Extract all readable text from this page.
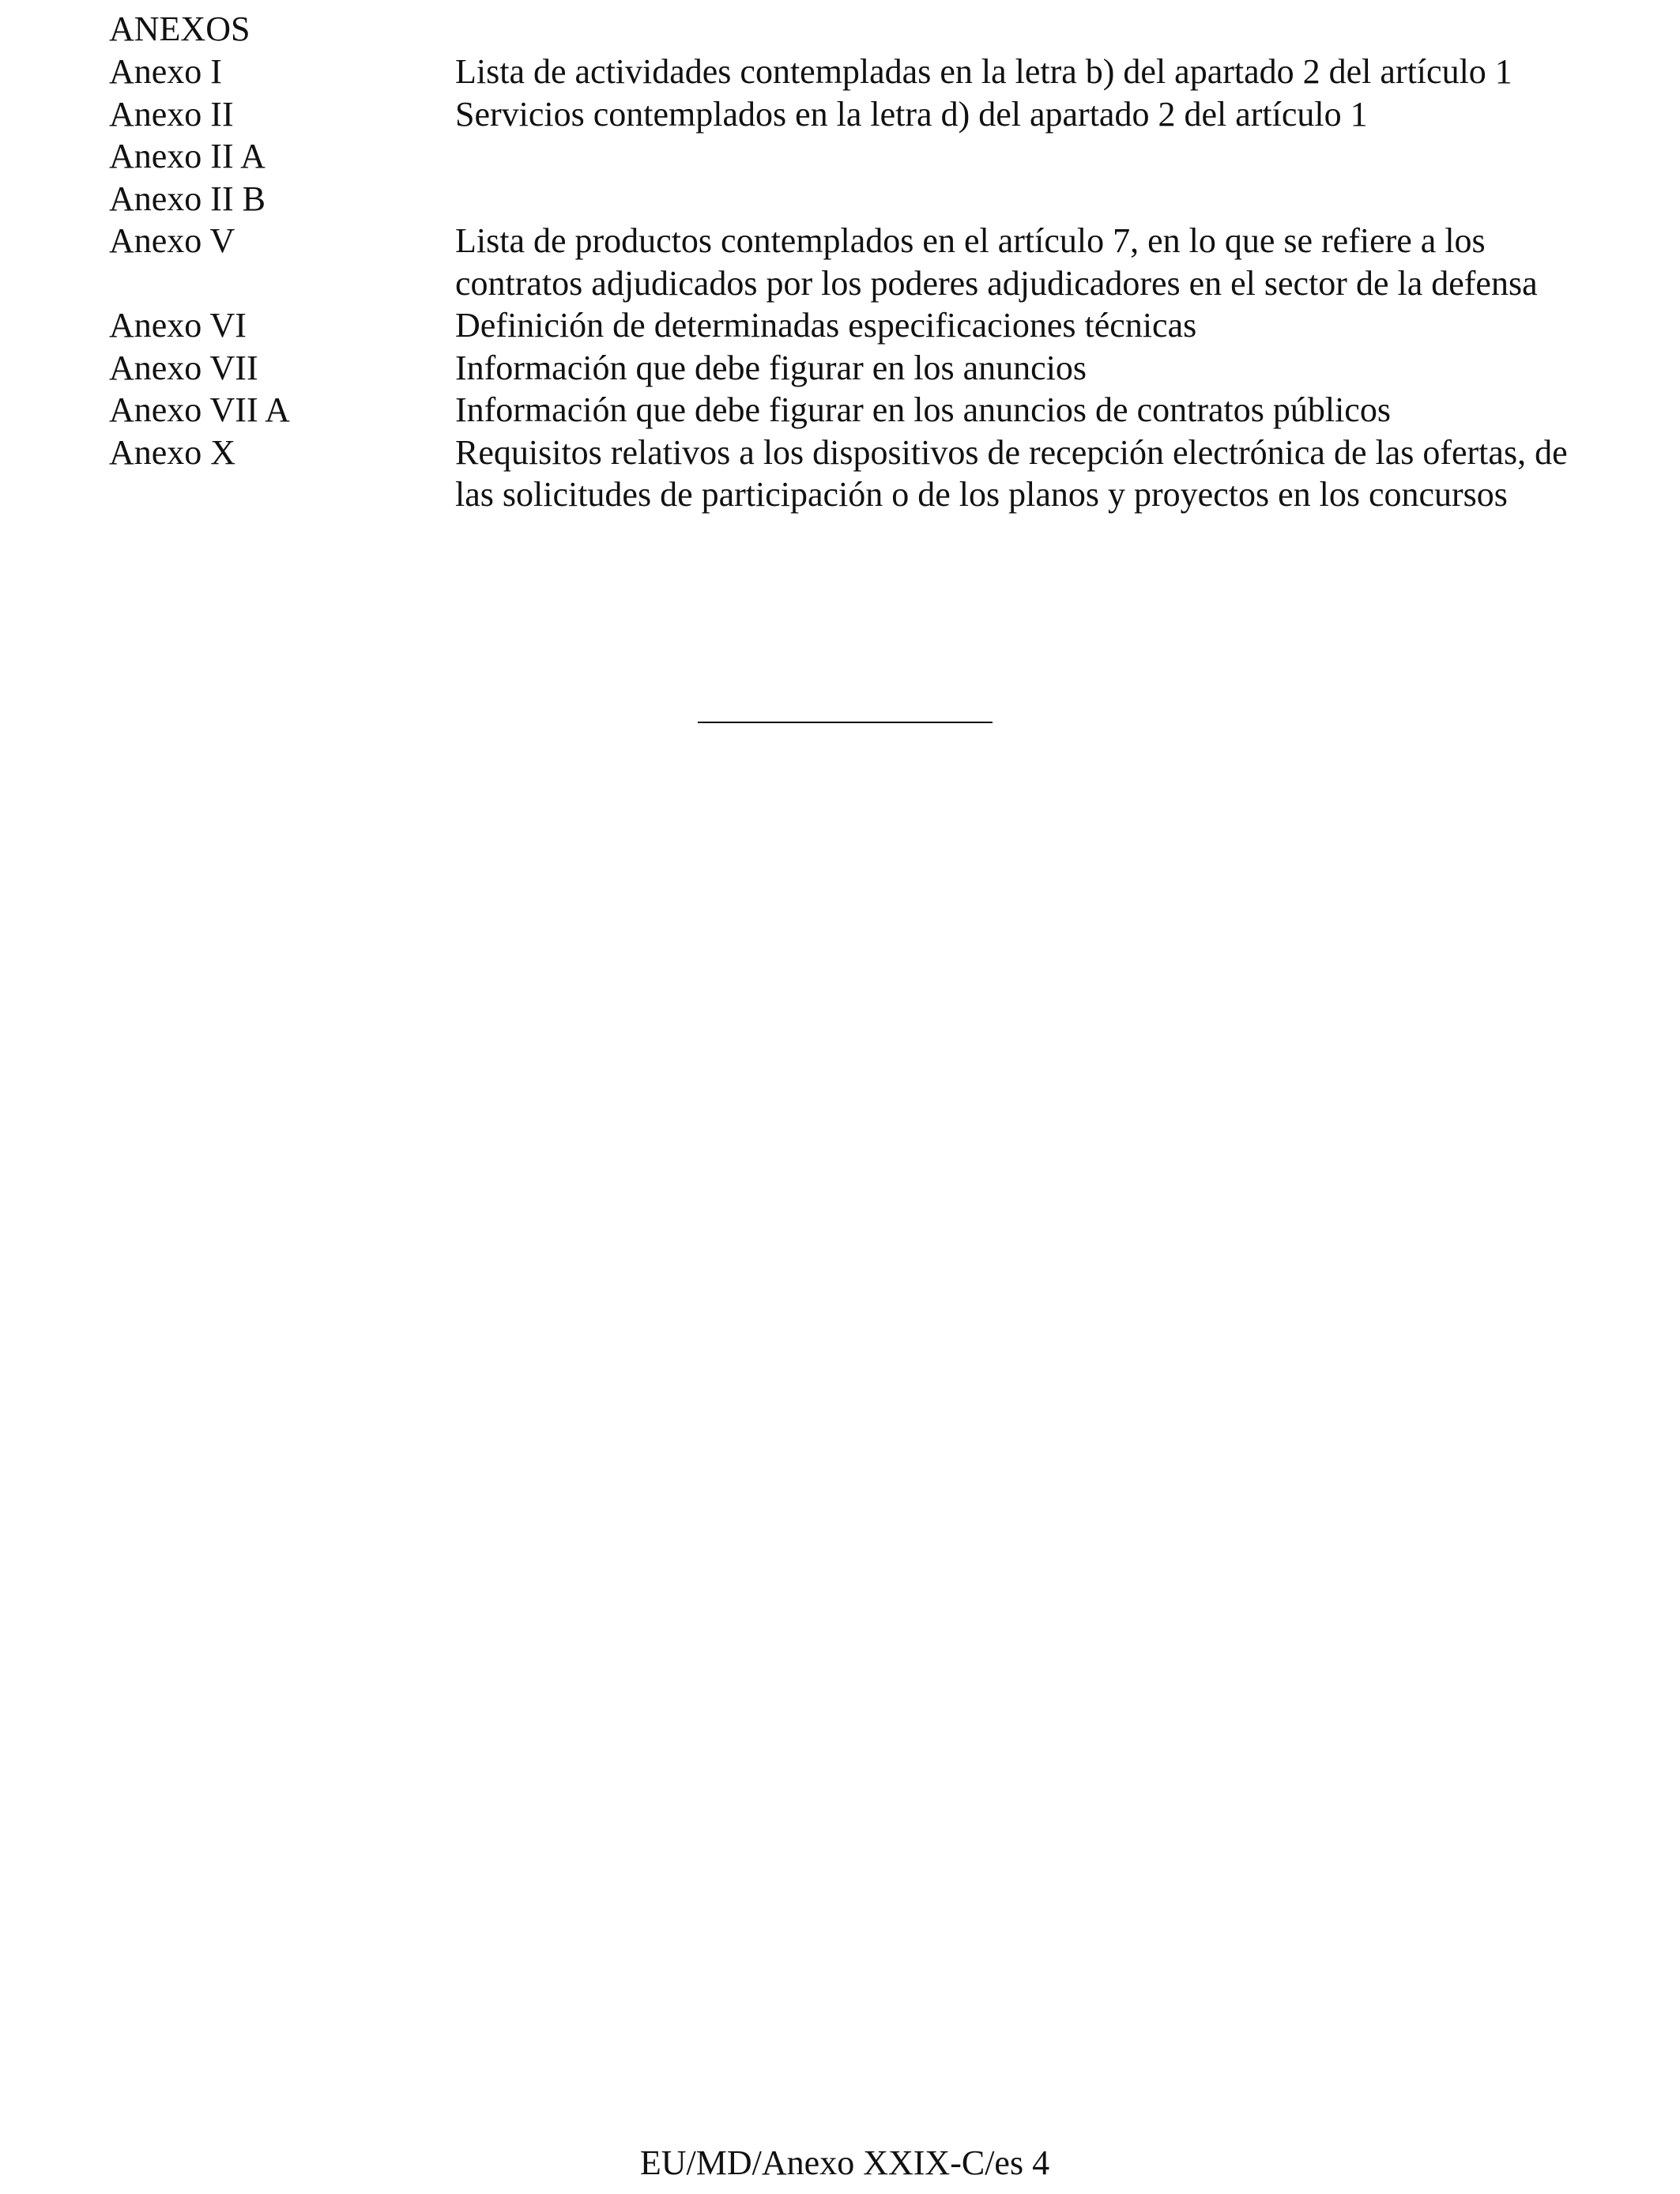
ANEXOS
Anexo I	Lista de actividades contempladas en la letra b) del apartado 2 del artículo 1
Anexo II	Servicios contemplados en la letra d) del apartado 2 del artículo 1
Anexo II A
Anexo II B
Anexo V	Lista de productos contemplados en el artículo 7, en lo que se refiere a los contratos adjudicados por los poderes adjudicadores en el sector de la defensa
Anexo VI	Definición de determinadas especificaciones técnicas
Anexo VII	Información que debe figurar en los anuncios
Anexo VII A	Información que debe figurar en los anuncios de contratos públicos
Anexo X	Requisitos relativos a los dispositivos de recepción electrónica de las ofertas, de las solicitudes de participación o de los planos y proyectos en los concursos
EU/MD/Anexo XXIX-C/es 4
